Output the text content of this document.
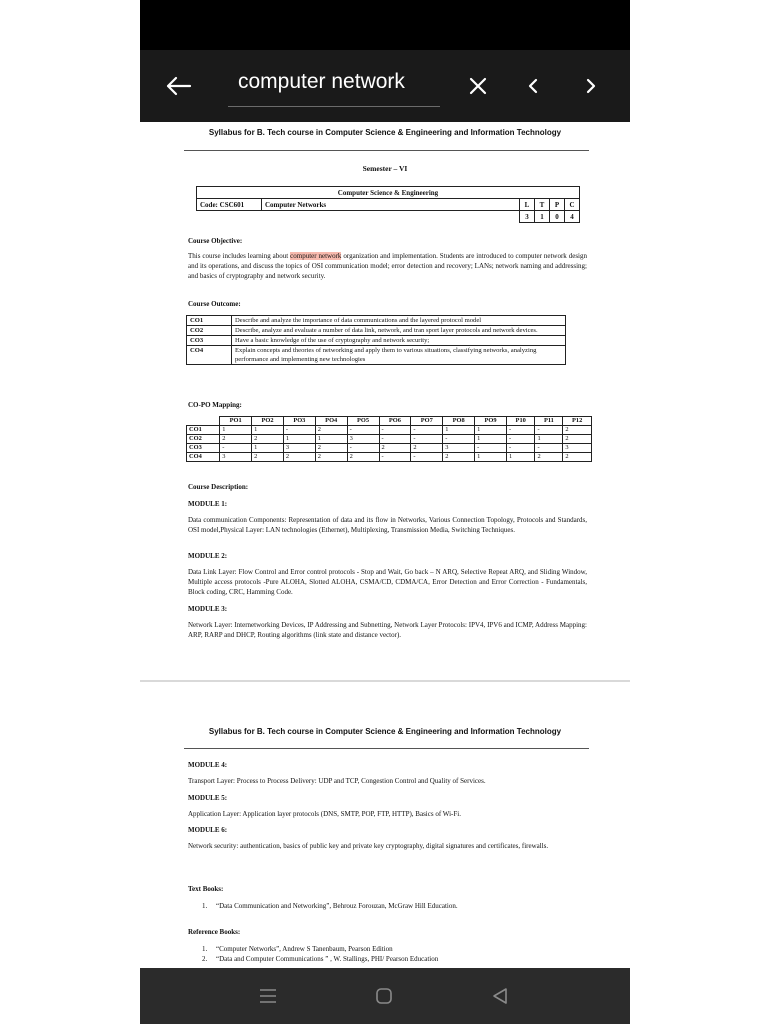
computer network
Syllabus for B. Tech course in Computer Science & Engineering and Information Technology
Semester – VI
Computer Science & Engineering					
Code: CSC601	Computer Networks	L	T	P	C
		3	1	0	4

Course Objective:

This course includes learning about computer network organization and implementation. Students are introduced to computer network design and its operations, and discuss the topics of OSI communication model; error detection and recovery; LANs; network naming and addressing; and basics of cryptography and network security.

Course Outcome:

CO1	Describe and analyze the importance of data communications and the layered protocol model
CO2	Describe, analyze and evaluate a number of data link, network, and tran sport layer protocols and network devices.
CO3	Have a basic knowledge of the use of cryptography and network security;
CO4	Explain concepts and theories of networking and apply them to various situations, classifying networks, analyzing performance and implementing new technologies

CO-PO Mapping:

	PO1	PO2	PO3	PO4	PO5	PO6	PO7	PO8	PO9	P10	P11	P12
CO1	1	1	-	2	-	-	-	1	1	-	-	2
CO2	2	2	1	1	3	-	-	-	1	-	1	2
CO3	-	1	3	2	-	2	2	3	-	-	-	3
CO4	3	2	2	2	2	-	-	2	1	1	2	2

Course Description:

MODULE 1:

Data communication Components: Representation of data and its flow in Networks, Various Connection Topology, Protocols and Standards, OSI model,Physical Layer: LAN technologies (Ethernet), Multiplexing, Transmission Media, Switching Techniques.

MODULE 2:

Data Link Layer: Flow Control and Error control protocols - Stop and Wait, Go back – N ARQ, Selective Repeat ARQ, and Sliding Window, Multiple access protocols -Pure ALOHA, Slotted ALOHA, CSMA/CD, CDMA/CA, Error Detection and Error Correction - Fundamentals, Block coding, CRC, Hamming Code.

MODULE 3:

Network Layer: Internetworking Devices, IP Addressing and Subnetting, Network Layer Protocols: IPV4, IPV6 and ICMP, Address Mapping: ARP, RARP and DHCP, Routing algorithms (link state and distance vector).

Syllabus for B. Tech course in Computer Science & Engineering and Information Technology

MODULE 4:

Transport Layer: Process to Process Delivery: UDP and TCP, Congestion Control and Quality of Services.

MODULE 5:

Application Layer: Application layer protocols (DNS, SMTP, POP, FTP, HTTP), Basics of Wi-Fi.

MODULE 6:

Network security: authentication, basics of public key and private key cryptography, digital signatures and certificates, firewalls.

Text Books:

1. “Data Communication and Networking”, Behrouz Forouzan, McGraw Hill Education.

Reference Books:

1. “Computer Networks”, Andrew S Tanenbaum, Pearson Edition
2. “Data and Computer Communications ” , W. Stallings, PHI/ Pearson Education
